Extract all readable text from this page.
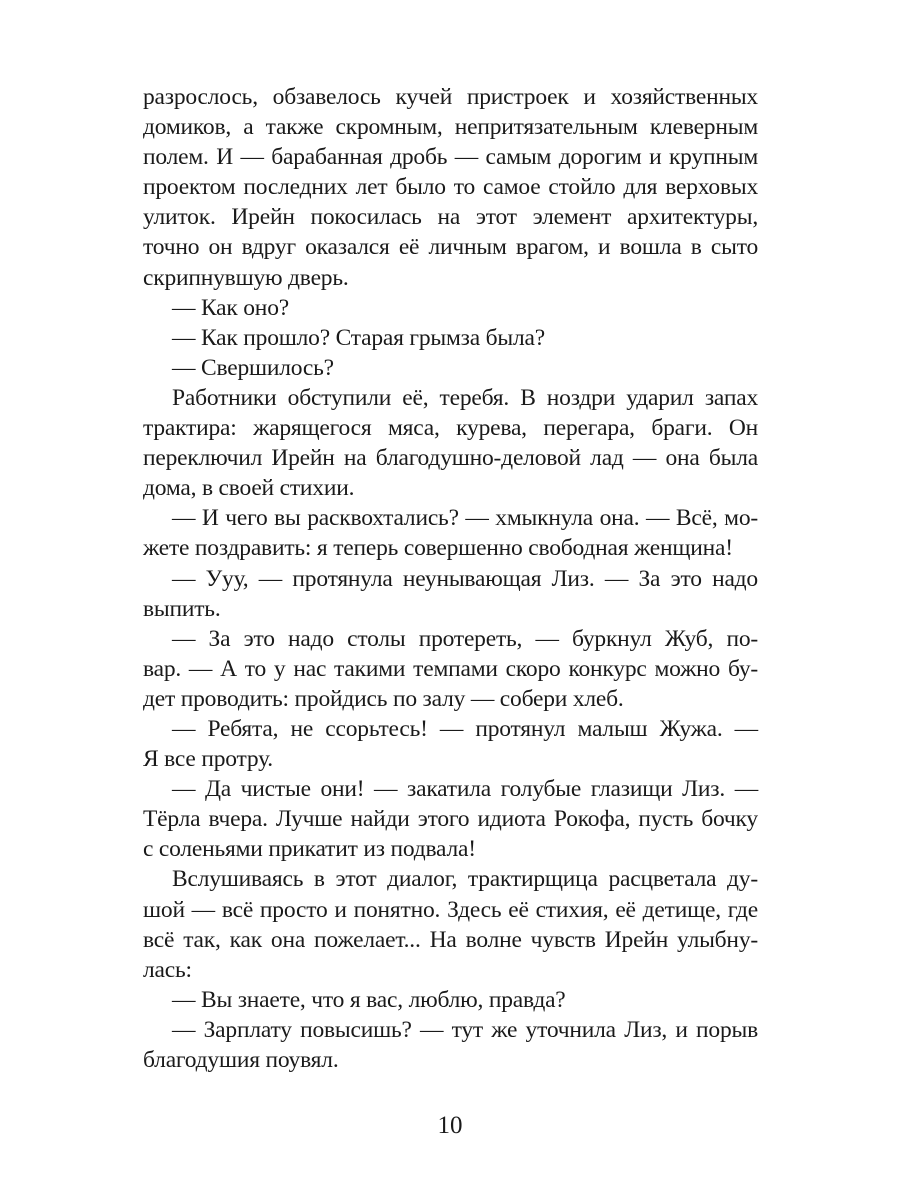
разрослось, обзавелось кучей пристроек и хозяйственных
домиков, а также скромным, непритязательным клеверным
полем. И — барабанная дробь — самым дорогим и крупным
проектом последних лет было то самое стойло для верховых
улиток. Ирейн покосилась на этот элемент архитектуры,
точно он вдруг оказался её личным врагом, и вошла в сыто
скрипнувшую дверь.
— Как оно?
— Как прошло? Старая грымза была?
— Свершилось?
Работники обступили её, теребя. В ноздри ударил запах
трактира: жарящегося мяса, курева, перегара, браги. Он
переключил Ирейн на благодушно-деловой лад — она была
дома, в своей стихии.
— И чего вы расквохтались? — хмыкнула она. — Всё, мо-
жете поздравить: я теперь совершенно свободная женщина!
— Ууу, — протянула неунывающая Лиз. — За это надо
выпить.
— За это надо столы протереть, — буркнул Жуб, по-
вар. — А то у нас такими темпами скоро конкурс можно бу-
дет проводить: пройдись по залу — собери хлеб.
— Ребята, не ссорьтесь! — протянул малыш Жужа. —
Я все протру.
— Да чистые они! — закатила голубые глазищи Лиз. —
Тёрла вчера. Лучше найди этого идиота Рокофа, пусть бочку
с соленьями прикатит из подвала!
Вслушиваясь в этот диалог, трактирщица расцветала ду-
шой — всё просто и понятно. Здесь её стихия, её детище, где
всё так, как она пожелает... На волне чувств Ирейн улыбну-
лась:
— Вы знаете, что я вас, люблю, правда?
— Зарплату повысишь? — тут же уточнила Лиз, и порыв
благодушия поувял.
10
